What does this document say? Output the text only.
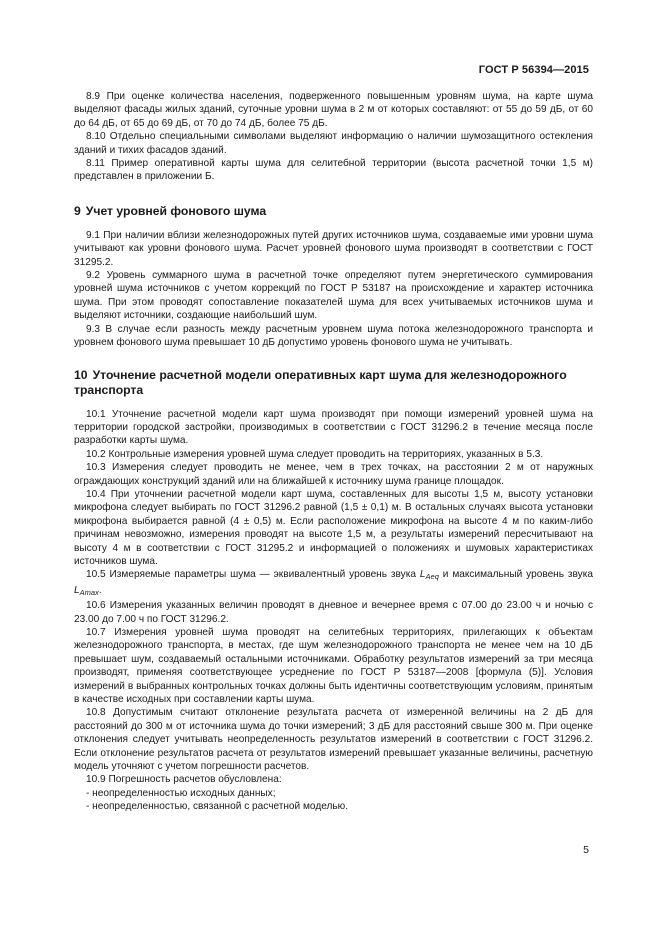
ГОСТ Р 56394—2015

8.9 При оценке количества населения, подверженного повышенным уровням шума, на карте шума выделяют фасады жилых зданий, суточные уровни шума в 2 м от которых составляют: от 55 до 59 дБ, от 60 до 64 дБ, от 65 до 69 дБ, от 70 до 74 дБ, более 75 дБ.

8.10 Отдельно специальными символами выделяют информацию о наличии шумозащитного остекления зданий и тихих фасадов зданий.

8.11 Пример оперативной карты шума для селитебной территории (высота расчетной точки 1,5 м) представлен в приложении Б.

9 Учет уровней фонового шума

9.1 При наличии вблизи железнодорожных путей других источников шума, создаваемые ими уровни шума учитывают как уровни фонового шума. Расчет уровней фонового шума производят в соответствии с ГОСТ 31295.2.

9.2 Уровень суммарного шума в расчетной точке определяют путем энергетического суммирования уровней шума источников с учетом коррекций по ГОСТ Р 53187 на происхождение и характер источника шума. При этом проводят сопоставление показателей шума для всех учитываемых источников шума и выделяют источники, создающие наибольший шум.

9.3 В случае если разность между расчетным уровнем шума потока железнодорожного транспорта и уровнем фонового шума превышает 10 дБ допустимо уровень фонового шума не учитывать.

10 Уточнение расчетной модели оперативных карт шума для железнодорожного транспорта

10.1 Уточнение расчетной модели карт шума производят при помощи измерений уровней шума на территории городской застройки, производимых в соответствии с ГОСТ 31296.2 в течение месяца после разработки карты шума.

10.2 Контрольные измерения уровней шума следует проводить на территориях, указанных в 5.3.

10.3 Измерения следует проводить не менее, чем в трех точках, на расстоянии 2 м от наружных ограждающих конструкций зданий или на ближайшей к источнику шума границе площадок.

10.4 При уточнении расчетной модели карт шума, составленных для высоты 1,5 м, высоту установки микрофона следует выбирать по ГОСТ 31296.2 равной (1,5 ± 0,1) м. В остальных случаях высота установки микрофона выбирается равной (4 ± 0,5) м. Если расположение микрофона на высоте 4 м по каким-либо причинам невозможно, измерения проводят на высоте 1,5 м, а результаты измерений пересчитывают на высоту 4 м в соответствии с ГОСТ 31295.2 и информацией о положениях и шумовых характеристиках источников шума.

10.5 Измеряемые параметры шума — эквивалентный уровень звука $L_{Aeq}$ и максимальный уровень звука $L_{Amax}$.

10.6 Измерения указанных величин проводят в дневное и вечернее время с 07.00 до 23.00 ч и ночью с 23.00 до 7.00 ч по ГОСТ 31296.2.

10.7 Измерения уровней шума проводят на селитебных территориях, прилегающих к объектам железнодорожного транспорта, в местах, где шум железнодорожного транспорта не менее чем на 10 дБ превышает шум, создаваемый остальными источниками. Обработку результатов измерений за три месяца производят, применяя соответствующее усреднение по ГОСТ Р 53187—2008 [формула (5)]. Условия измерений в выбранных контрольных точках должны быть идентичны соответствующим условиям, принятым в качестве исходных при составлении карты шума.

10.8 Допустимым считают отклонение результата расчета от измеренной величины на 2 дБ для расстояний до 300 м от источника шума до точки измерений; 3 дБ для расстояний свыше 300 м. При оценке отклонения следует учитывать неопределенность результатов измерений в соответствии с ГОСТ 31296.2. Если отклонение результатов расчета от результатов измерений превышает указанные величины, расчетную модель уточняют с учетом погрешности расчетов.

10.9 Погрешность расчетов обусловлена:

- неопределенностью исходных данных;

- неопределенностью, связанной с расчетной моделью.

5
